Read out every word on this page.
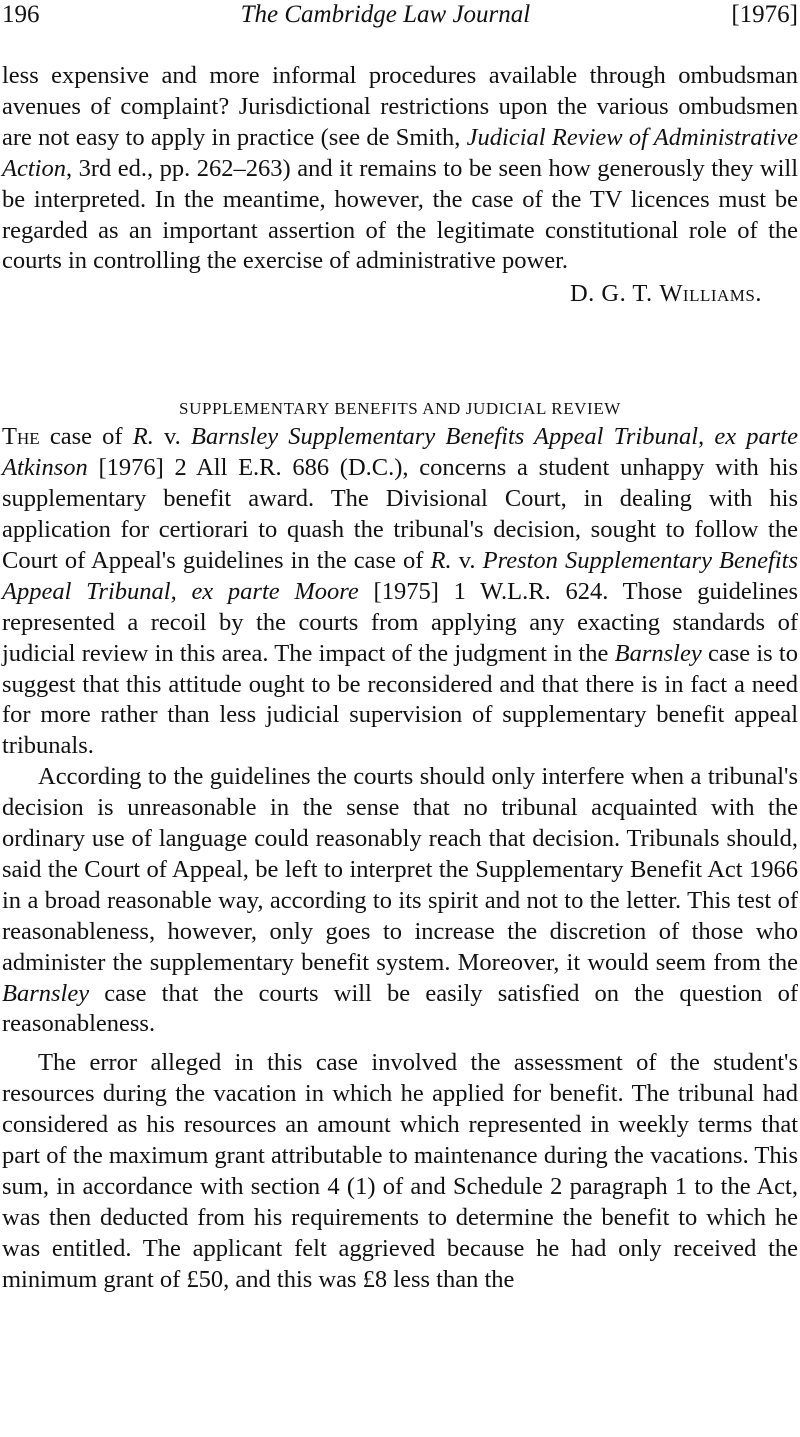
196	The Cambridge Law Journal	[1976]

less expensive and more informal procedures available through ombudsman avenues of complaint? Jurisdictional restrictions upon the various ombudsmen are not easy to apply in practice (see de Smith, Judicial Review of Administrative Action, 3rd ed., pp. 262–263) and it remains to be seen how generously they will be interpreted. In the meantime, however, the case of the TV licences must be regarded as an important assertion of the legitimate constitutional role of the courts in controlling the exercise of administrative power.

D. G. T. Williams.
SUPPLEMENTARY BENEFITS AND JUDICIAL REVIEW

The case of R. v. Barnsley Supplementary Benefits Appeal Tribunal, ex parte Atkinson [1976] 2 All E.R. 686 (D.C.), concerns a student unhappy with his supplementary benefit award. The Divisional Court, in dealing with his application for certiorari to quash the tribunal's decision, sought to follow the Court of Appeal's guidelines in the case of R. v. Preston Supplementary Benefits Appeal Tribunal, ex parte Moore [1975] 1 W.L.R. 624. Those guidelines represented a recoil by the courts from applying any exacting standards of judicial review in this area. The impact of the judgment in the Barnsley case is to suggest that this attitude ought to be reconsidered and that there is in fact a need for more rather than less judicial supervision of supplementary benefit appeal tribunals.

According to the guidelines the courts should only interfere when a tribunal's decision is unreasonable in the sense that no tribunal acquainted with the ordinary use of language could reasonably reach that decision. Tribunals should, said the Court of Appeal, be left to interpret the Supplementary Benefit Act 1966 in a broad reasonable way, according to its spirit and not to the letter. This test of reasonableness, however, only goes to increase the discretion of those who administer the supplementary benefit system. Moreover, it would seem from the Barnsley case that the courts will be easily satisfied on the question of reasonableness.

The error alleged in this case involved the assessment of the student's resources during the vacation in which he applied for benefit. The tribunal had considered as his resources an amount which represented in weekly terms that part of the maximum grant attributable to maintenance during the vacations. This sum, in accordance with section 4 (1) of and Schedule 2 paragraph 1 to the Act, was then deducted from his requirements to determine the benefit to which he was entitled. The applicant felt aggrieved because he had only received the minimum grant of £50, and this was £8 less than the
